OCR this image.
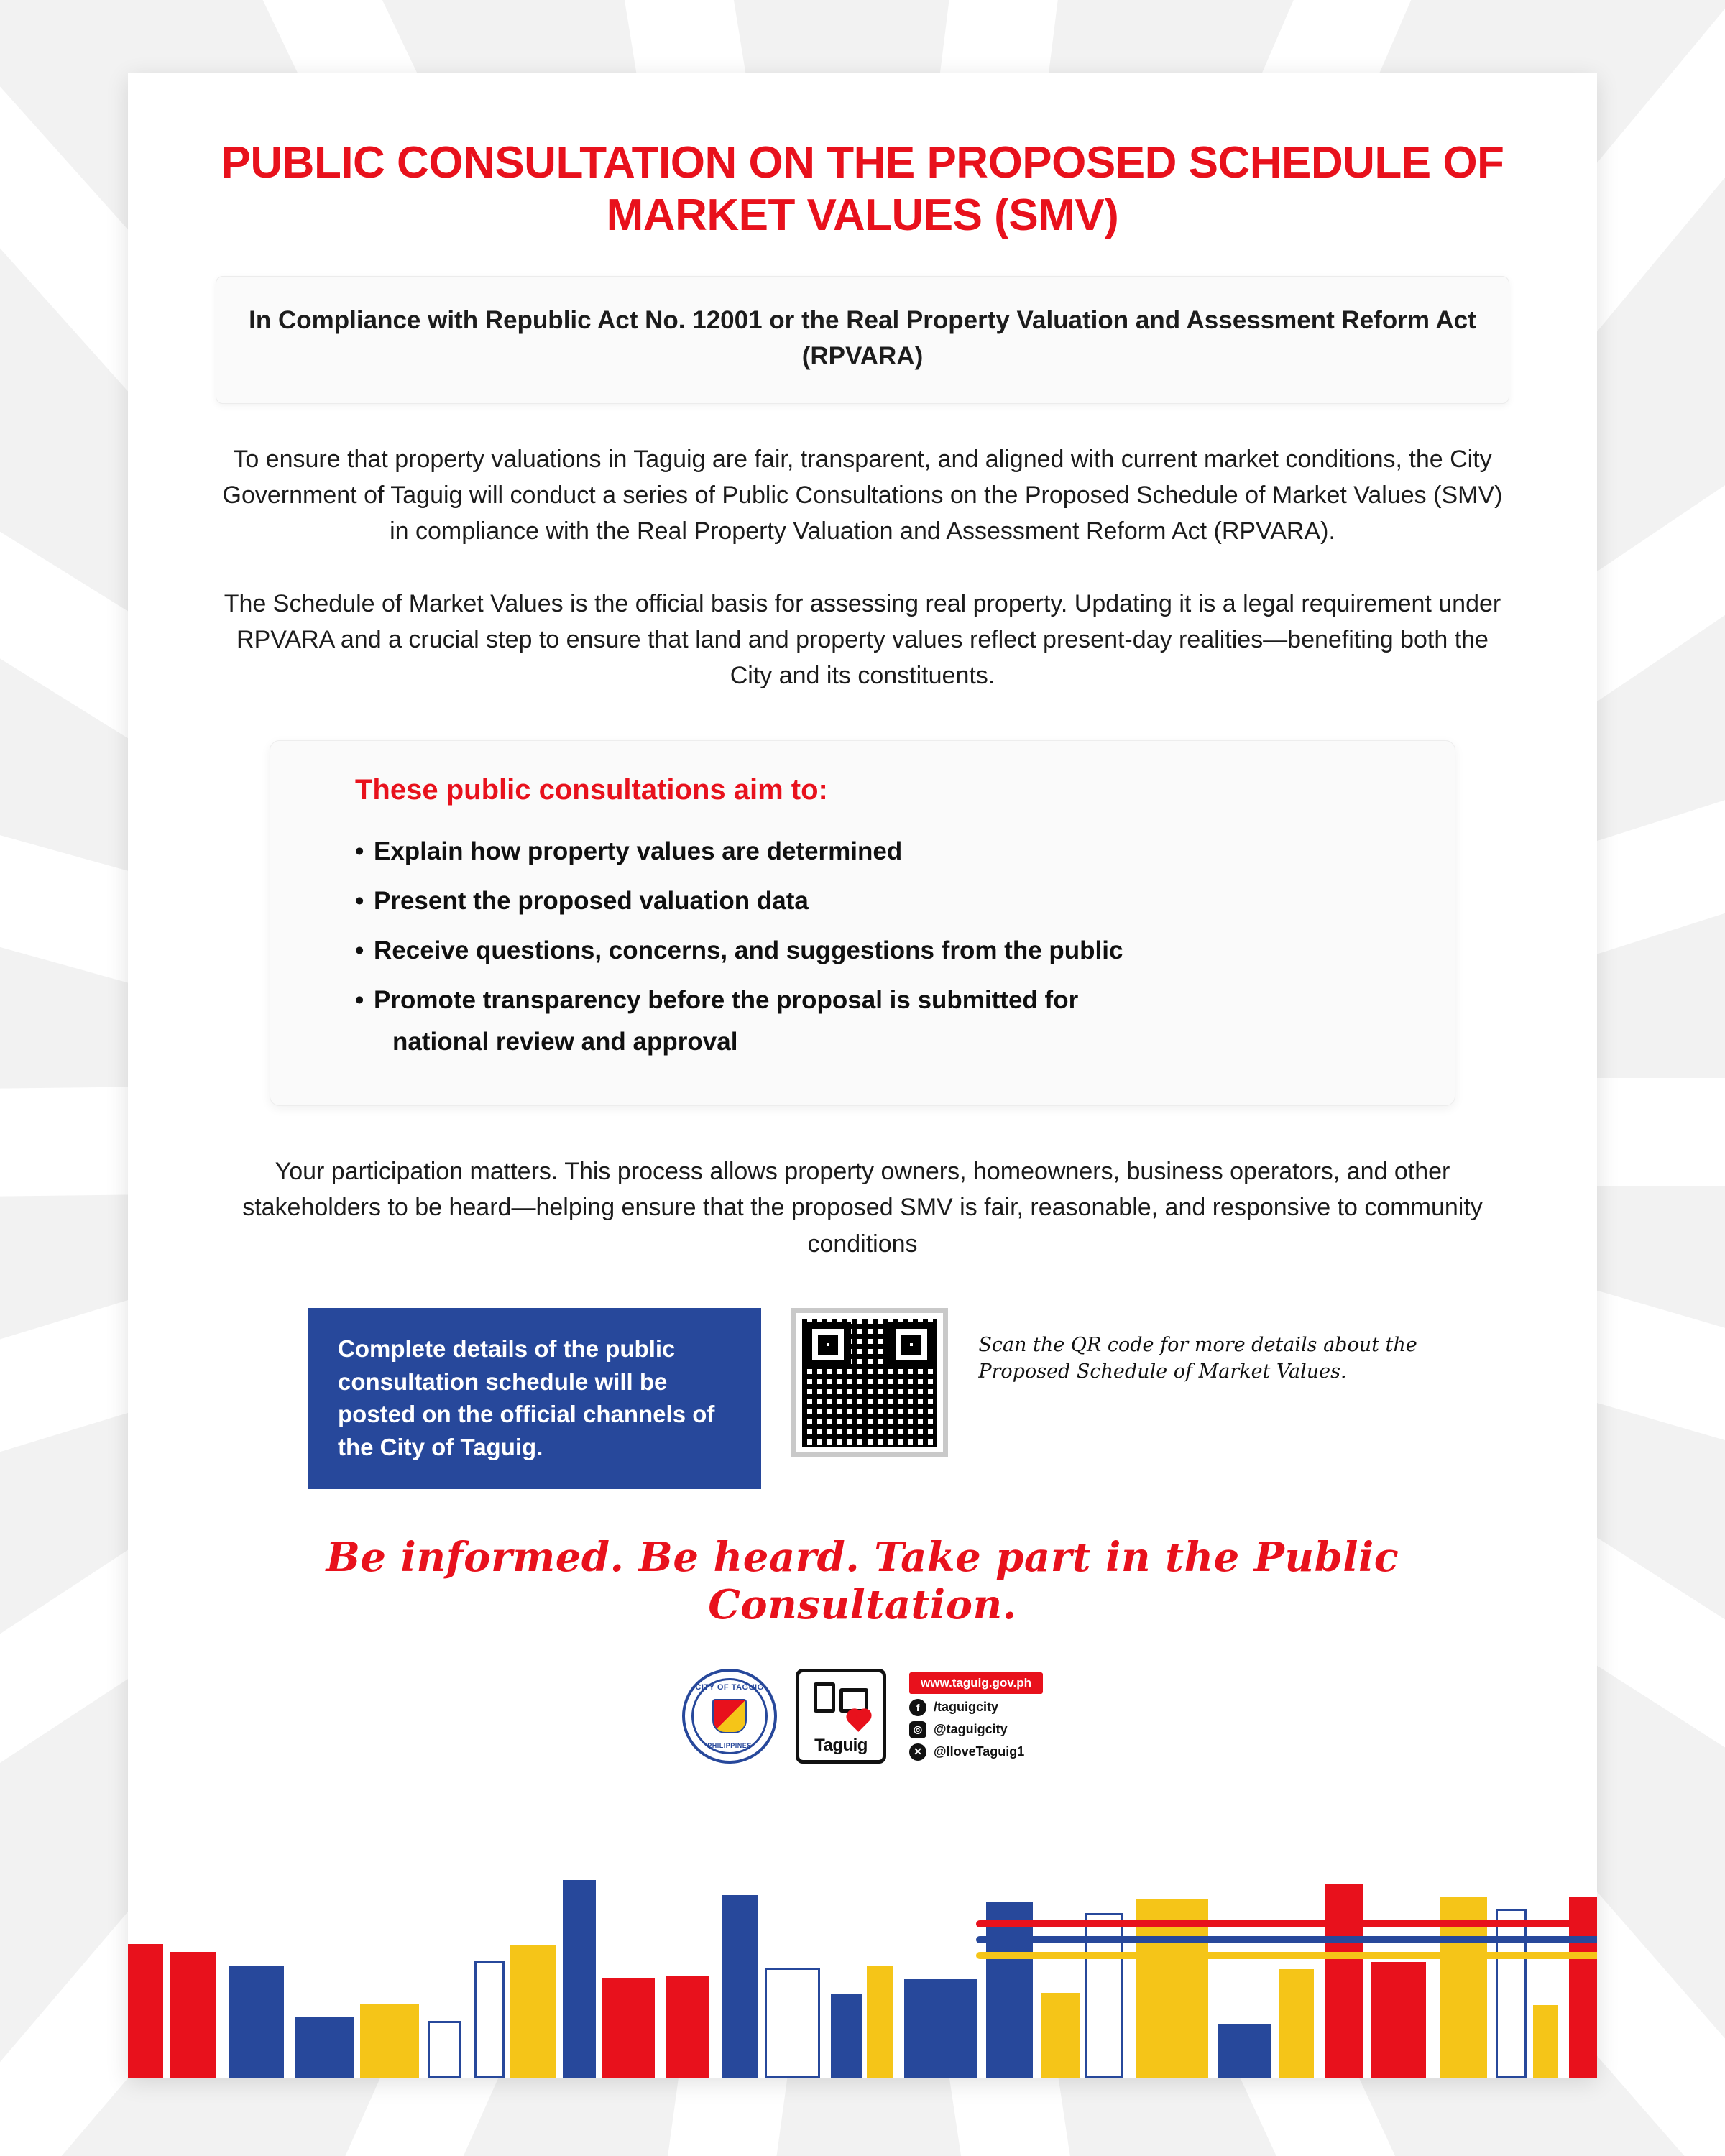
PUBLIC CONSULTATION ON THE PROPOSED SCHEDULE OF MARKET VALUES (SMV)
In Compliance with Republic Act No. 12001 or the Real Property Valuation and Assessment Reform Act (RPVARA)
To ensure that property valuations in Taguig are fair, transparent, and aligned with current market conditions, the City Government of Taguig will conduct a series of Public Consultations on the Proposed Schedule of Market Values (SMV) in compliance with the Real Property Valuation and Assessment Reform Act (RPVARA).
The Schedule of Market Values is the official basis for assessing real property. Updating it is a legal requirement under RPVARA and a crucial step to ensure that land and property values reflect present-day realities—benefiting both the City and its constituents.
These public consultations aim to:
• Explain how property values are determined
• Present the proposed valuation data
• Receive questions, concerns, and suggestions from the public
• Promote transparency before the proposal is submitted for
national review and approval
Your participation matters. This process allows property owners, homeowners, business operators, and other stakeholders to be heard—helping ensure that the proposed SMV is fair, reasonable, and responsive to community conditions
Complete details of the public consultation schedule will be posted on the official channels of the City of Taguig.
Scan the QR code for more details about the Proposed Schedule of Market Values.
Be informed. Be heard. Take part in the Public Consultation.
CITY OF TAGUIG
PHILIPPINES	Taguig
www.taguig.gov.ph
f	/taguigcity
◎ @taguigcity
✕ @IloveTaguig1
